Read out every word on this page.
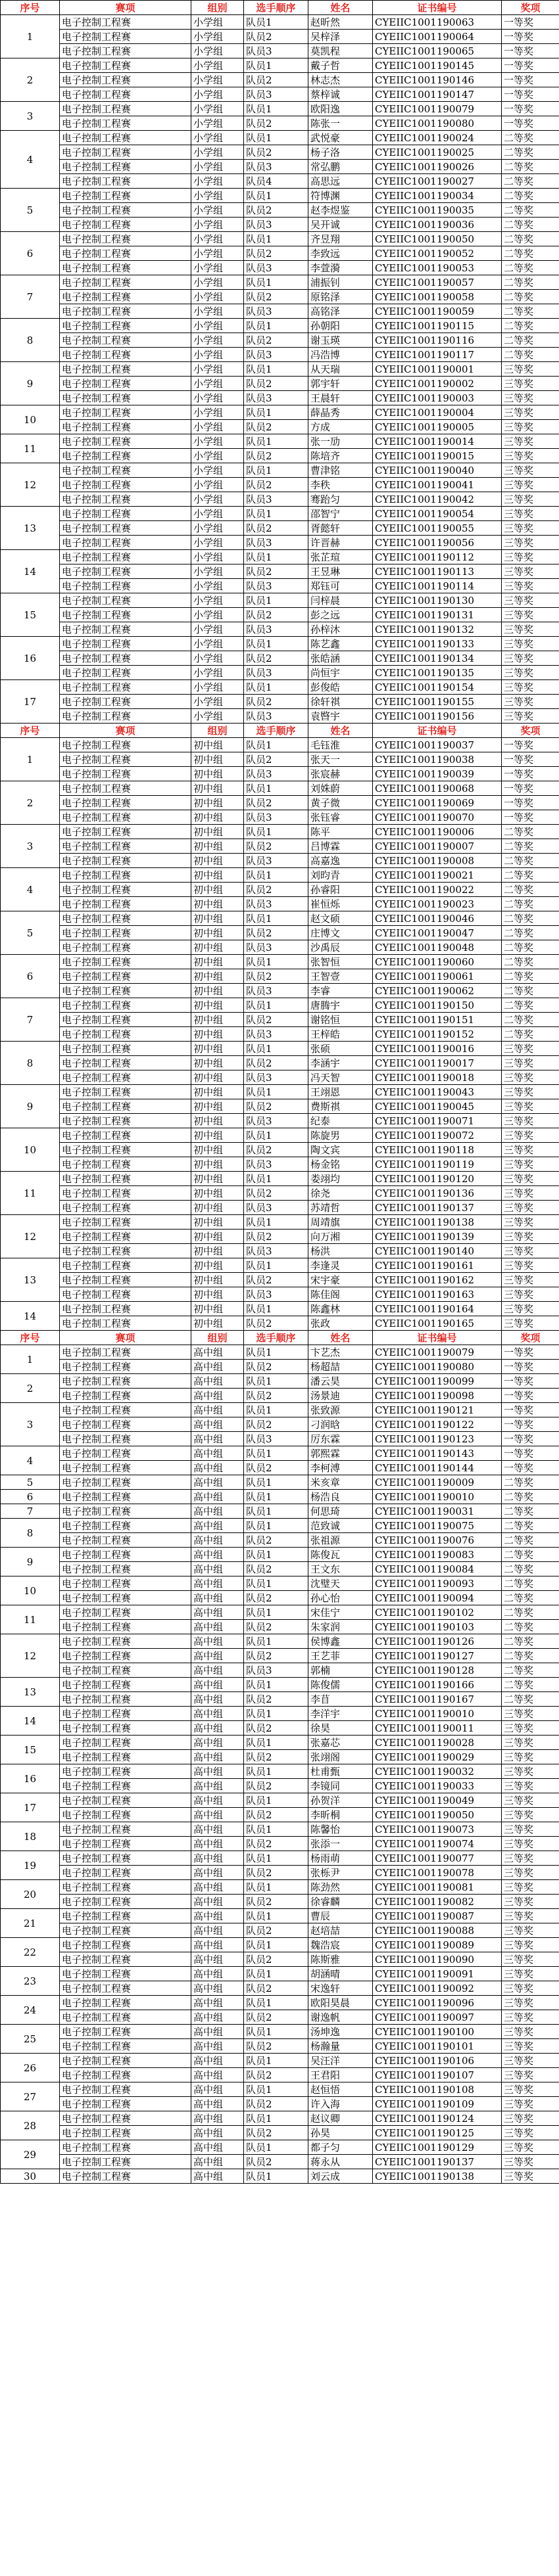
序号	赛项	组别	选手顺序	姓名	证书编号	奖项
1	电子控制工程赛	小学组	队员1	赵昕然	CYEIIC1001190063	一等奖
	电子控制工程赛	小学组	队员2	吴梓泽	CYEIIC1001190064	一等奖
	电子控制工程赛	小学组	队员3	莫凯程	CYEIIC1001190065	一等奖
2	电子控制工程赛	小学组	队员1	戴子哲	CYEIIC1001190145	一等奖
	电子控制工程赛	小学组	队员2	林志杰	CYEIIC1001190146	一等奖
	电子控制工程赛	小学组	队员3	蔡梓诚	CYEIIC1001190147	一等奖
3	电子控制工程赛	小学组	队员1	欧阳逸	CYEIIC1001190079	一等奖
	电子控制工程赛	小学组	队员2	陈张一	CYEIIC1001190080	一等奖
4	电子控制工程赛	小学组	队员1	武悦豪	CYEIIC1001190024	二等奖
	电子控制工程赛	小学组	队员2	杨子洛	CYEIIC1001190025	二等奖
	电子控制工程赛	小学组	队员3	常弘鹏	CYEIIC1001190026	二等奖
	电子控制工程赛	小学组	队员4	高思远	CYEIIC1001190027	二等奖
5	电子控制工程赛	小学组	队员1	符博渊	CYEIIC1001190034	二等奖
	电子控制工程赛	小学组	队员2	赵李煜鉴	CYEIIC1001190035	二等奖
	电子控制工程赛	小学组	队员3	吴开诚	CYEIIC1001190036	二等奖
6	电子控制工程赛	小学组	队员1	齐昱翔	CYEIIC1001190050	二等奖
	电子控制工程赛	小学组	队员2	李致远	CYEIIC1001190052	二等奖
	电子控制工程赛	小学组	队员3	李萱漪	CYEIIC1001190053	二等奖
7	电子控制工程赛	小学组	队员1	浦振钊	CYEIIC1001190057	二等奖
	电子控制工程赛	小学组	队员2	原铭泽	CYEIIC1001190058	二等奖
	电子控制工程赛	小学组	队员3	高铭泽	CYEIIC1001190059	二等奖
8	电子控制工程赛	小学组	队员1	孙朝阳	CYEIIC1001190115	二等奖
	电子控制工程赛	小学组	队员2	谢玉瑛	CYEIIC1001190116	二等奖
	电子控制工程赛	小学组	队员3	冯浩博	CYEIIC1001190117	二等奖
9	电子控制工程赛	小学组	队员1	从天瑞	CYEIIC1001190001	三等奖
	电子控制工程赛	小学组	队员2	郭宇轩	CYEIIC1001190002	三等奖
	电子控制工程赛	小学组	队员3	王晨轩	CYEIIC1001190003	三等奖
10	电子控制工程赛	小学组	队员1	薛晶秀	CYEIIC1001190004	三等奖
	电子控制工程赛	小学组	队员2	方成	CYEIIC1001190005	三等奖
11	电子控制工程赛	小学组	队员1	张一劢	CYEIIC1001190014	三等奖
	电子控制工程赛	小学组	队员2	陈培齐	CYEIIC1001190015	三等奖
12	电子控制工程赛	小学组	队员1	曹津铭	CYEIIC1001190040	三等奖
	电子控制工程赛	小学组	队员2	李秩	CYEIIC1001190041	三等奖
	电子控制工程赛	小学组	队员3	骞跆匀	CYEIIC1001190042	三等奖
13	电子控制工程赛	小学组	队员1	邵智宁	CYEIIC1001190054	三等奖
	电子控制工程赛	小学组	队员2	胥懿轩	CYEIIC1001190055	三等奖
	电子控制工程赛	小学组	队员3	许晋赫	CYEIIC1001190056	三等奖
14	电子控制工程赛	小学组	队员1	张芷瑄	CYEIIC1001190112	三等奖
	电子控制工程赛	小学组	队员2	王昱琳	CYEIIC1001190113	三等奖
	电子控制工程赛	小学组	队员3	郑钰可	CYEIIC1001190114	三等奖
15	电子控制工程赛	小学组	队员1	闫梓晨	CYEIIC1001190130	三等奖
	电子控制工程赛	小学组	队员2	彭之远	CYEIIC1001190131	三等奖
	电子控制工程赛	小学组	队员3	孙梓沐	CYEIIC1001190132	三等奖
16	电子控制工程赛	小学组	队员1	陈艺鑫	CYEIIC1001190133	三等奖
	电子控制工程赛	小学组	队员2	张皓涵	CYEIIC1001190134	三等奖
	电子控制工程赛	小学组	队员3	尚恒宇	CYEIIC1001190135	三等奖
17	电子控制工程赛	小学组	队员1	彭俊皓	CYEIIC1001190154	三等奖
	电子控制工程赛	小学组	队员2	徐轩祺	CYEIIC1001190155	三等奖
	电子控制工程赛	小学组	队员3	袁暋宇	CYEIIC1001190156	三等奖
序号	赛项	组别	选手顺序	姓名	证书编号	奖项
1	电子控制工程赛	初中组	队员1	毛钰淮	CYEIIC1001190037	一等奖
	电子控制工程赛	初中组	队员2	张天一	CYEIIC1001190038	一等奖
	电子控制工程赛	初中组	队员3	张宸赫	CYEIIC1001190039	一等奖
2	电子控制工程赛	初中组	队员1	刘姝蔚	CYEIIC1001190068	一等奖
	电子控制工程赛	初中组	队员2	黄子微	CYEIIC1001190069	一等奖
	电子控制工程赛	初中组	队员3	张钰睿	CYEIIC1001190070	一等奖
3	电子控制工程赛	初中组	队员1	陈平	CYEIIC1001190006	二等奖
	电子控制工程赛	初中组	队员2	吕博霖	CYEIIC1001190007	二等奖
	电子控制工程赛	初中组	队员3	高嘉逸	CYEIIC1001190008	二等奖
4	电子控制工程赛	初中组	队员1	刘昀青	CYEIIC1001190021	二等奖
	电子控制工程赛	初中组	队员2	孙睿阳	CYEIIC1001190022	二等奖
	电子控制工程赛	初中组	队员3	崔恒烁	CYEIIC1001190023	二等奖
5	电子控制工程赛	初中组	队员1	赵文硕	CYEIIC1001190046	二等奖
	电子控制工程赛	初中组	队员2	庄博文	CYEIIC1001190047	二等奖
	电子控制工程赛	初中组	队员3	沙禹辰	CYEIIC1001190048	二等奖
6	电子控制工程赛	初中组	队员1	张智恒	CYEIIC1001190060	二等奖
	电子控制工程赛	初中组	队员2	王智壹	CYEIIC1001190061	二等奖
	电子控制工程赛	初中组	队员3	李睿	CYEIIC1001190062	二等奖
7	电子控制工程赛	初中组	队员1	唐腾宇	CYEIIC1001190150	二等奖
	电子控制工程赛	初中组	队员2	谢铭恒	CYEIIC1001190151	二等奖
	电子控制工程赛	初中组	队员3	王梓皓	CYEIIC1001190152	二等奖
8	电子控制工程赛	初中组	队员1	张硕	CYEIIC1001190016	三等奖
	电子控制工程赛	初中组	队员2	李涵宇	CYEIIC1001190017	三等奖
	电子控制工程赛	初中组	队员3	冯天智	CYEIIC1001190018	三等奖
9	电子控制工程赛	初中组	队员1	王翊恩	CYEIIC1001190043	三等奖
	电子控制工程赛	初中组	队员2	费斯祺	CYEIIC1001190045	三等奖
	电子控制工程赛	初中组	队员3	纪泰	CYEIIC1001190071	三等奖
10	电子控制工程赛	初中组	队员1	陈旋男	CYEIIC1001190072	三等奖
	电子控制工程赛	初中组	队员2	陶文宾	CYEIIC1001190118	三等奖
	电子控制工程赛	初中组	队员3	杨金铭	CYEIIC1001190119	三等奖
11	电子控制工程赛	初中组	队员1	娄翊均	CYEIIC1001190120	三等奖
	电子控制工程赛	初中组	队员2	徐尧	CYEIIC1001190136	三等奖
	电子控制工程赛	初中组	队员3	苏靖哲	CYEIIC1001190137	三等奖
12	电子控制工程赛	初中组	队员1	周靖旗	CYEIIC1001190138	三等奖
	电子控制工程赛	初中组	队员2	向万湘	CYEIIC1001190139	三等奖
	电子控制工程赛	初中组	队员3	杨洪	CYEIIC1001190140	三等奖
13	电子控制工程赛	初中组	队员1	李逢灵	CYEIIC1001190161	三等奖
	电子控制工程赛	初中组	队员2	宋宇豪	CYEIIC1001190162	三等奖
	电子控制工程赛	初中组	队员3	陈佳阁	CYEIIC1001190163	三等奖
14	电子控制工程赛	初中组	队员1	陈鑫林	CYEIIC1001190164	三等奖
	电子控制工程赛	初中组	队员2	张政	CYEIIC1001190165	三等奖
序号	赛项	组别	选手顺序	姓名	证书编号	奖项
1	电子控制工程赛	高中组	队员1	卞艺杰	CYEIIC1001190079	一等奖
	电子控制工程赛	高中组	队员2	杨超喆	CYEIIC1001190080	一等奖
2	电子控制工程赛	高中组	队员1	潘云昊	CYEIIC1001190099	一等奖
	电子控制工程赛	高中组	队员2	汤景迪	CYEIIC1001190098	一等奖
3	电子控制工程赛	高中组	队员1	张致源	CYEIIC1001190121	一等奖
	电子控制工程赛	高中组	队员2	刁润晗	CYEIIC1001190122	一等奖
	电子控制工程赛	高中组	队员3	厉东霖	CYEIIC1001190123	一等奖
4	电子控制工程赛	高中组	队员1	郭熙霖	CYEIIC1001190143	一等奖
	电子控制工程赛	高中组	队员2	李柯溥	CYEIIC1001190144	一等奖
5	电子控制工程赛	高中组	队员1	米亥章	CYEIIC1001190009	二等奖
6	电子控制工程赛	高中组	队员1	杨浩良	CYEIIC1001190010	二等奖
7	电子控制工程赛	高中组	队员1	何思琦	CYEIIC1001190031	二等奖
8	电子控制工程赛	高中组	队员1	范致诚	CYEIIC1001190075	二等奖
	电子控制工程赛	高中组	队员2	张祖源	CYEIIC1001190076	二等奖
9	电子控制工程赛	高中组	队员1	陈俊瓦	CYEIIC1001190083	二等奖
	电子控制工程赛	高中组	队员2	王文东	CYEIIC1001190084	二等奖
10	电子控制工程赛	高中组	队员1	沈璧天	CYEIIC1001190093	二等奖
	电子控制工程赛	高中组	队员2	孙心怡	CYEIIC1001190094	二等奖
11	电子控制工程赛	高中组	队员1	宋佳宁	CYEIIC1001190102	二等奖
	电子控制工程赛	高中组	队员2	朱家润	CYEIIC1001190103	二等奖
12	电子控制工程赛	高中组	队员1	侯博鑫	CYEIIC1001190126	二等奖
	电子控制工程赛	高中组	队员2	王艺菲	CYEIIC1001190127	二等奖
	电子控制工程赛	高中组	队员3	郭楠	CYEIIC1001190128	二等奖
13	电子控制工程赛	高中组	队员1	陈俊儒	CYEIIC1001190166	二等奖
	电子控制工程赛	高中组	队员2	李苜	CYEIIC1001190167	二等奖
14	电子控制工程赛	高中组	队员1	李洋宇	CYEIIC1001190010	三等奖
	电子控制工程赛	高中组	队员2	徐昊	CYEIIC1001190011	三等奖
15	电子控制工程赛	高中组	队员1	张嘉芯	CYEIIC1001190028	三等奖
	电子控制工程赛	高中组	队员2	张翊阁	CYEIIC1001190029	三等奖
16	电子控制工程赛	高中组	队员1	杜甫甄	CYEIIC1001190032	三等奖
	电子控制工程赛	高中组	队员2	李镜同	CYEIIC1001190033	三等奖
17	电子控制工程赛	高中组	队员1	孙贺洋	CYEIIC1001190049	三等奖
	电子控制工程赛	高中组	队员2	李昕桐	CYEIIC1001190050	三等奖
18	电子控制工程赛	高中组	队员1	陈馨怡	CYEIIC1001190073	三等奖
	电子控制工程赛	高中组	队员2	张添一	CYEIIC1001190074	三等奖
19	电子控制工程赛	高中组	队员1	杨雨萌	CYEIIC1001190077	三等奖
	电子控制工程赛	高中组	队员2	张栎尹	CYEIIC1001190078	三等奖
20	电子控制工程赛	高中组	队员1	陈劲然	CYEIIC1001190081	三等奖
	电子控制工程赛	高中组	队员2	徐睿麟	CYEIIC1001190082	三等奖
21	电子控制工程赛	高中组	队员1	曹辰	CYEIIC1001190087	三等奖
	电子控制工程赛	高中组	队员2	赵培喆	CYEIIC1001190088	三等奖
22	电子控制工程赛	高中组	队员1	魏浩宸	CYEIIC1001190089	三等奖
	电子控制工程赛	高中组	队员2	陈斯雅	CYEIIC1001190090	三等奖
23	电子控制工程赛	高中组	队员1	胡涵晴	CYEIIC1001190091	三等奖
	电子控制工程赛	高中组	队员2	宋逸轩	CYEIIC1001190092	三等奖
24	电子控制工程赛	高中组	队员1	欧阳昊晨	CYEIIC1001190096	三等奖
	电子控制工程赛	高中组	队员2	谢逸帆	CYEIIC1001190097	三等奖
25	电子控制工程赛	高中组	队员1	汤坤逸	CYEIIC1001190100	三等奖
	电子控制工程赛	高中组	队员2	杨瀚量	CYEIIC1001190101	三等奖
26	电子控制工程赛	高中组	队员1	吴汪洋	CYEIIC1001190106	三等奖
	电子控制工程赛	高中组	队员2	王君阳	CYEIIC1001190107	三等奖
27	电子控制工程赛	高中组	队员1	赵恒悟	CYEIIC1001190108	三等奖
	电子控制工程赛	高中组	队员2	许入海	CYEIIC1001190109	三等奖
28	电子控制工程赛	高中组	队员1	赵议卿	CYEIIC1001190124	三等奖
	电子控制工程赛	高中组	队员2	孙昊	CYEIIC1001190125	三等奖
29	电子控制工程赛	高中组	队员1	都子匀	CYEIIC1001190129	三等奖
	电子控制工程赛	高中组	队员2	蒋永从	CYEIIC1001190137	三等奖
30	电子控制工程赛	高中组	队员1	刘云成	CYEIIC1001190138	三等奖
